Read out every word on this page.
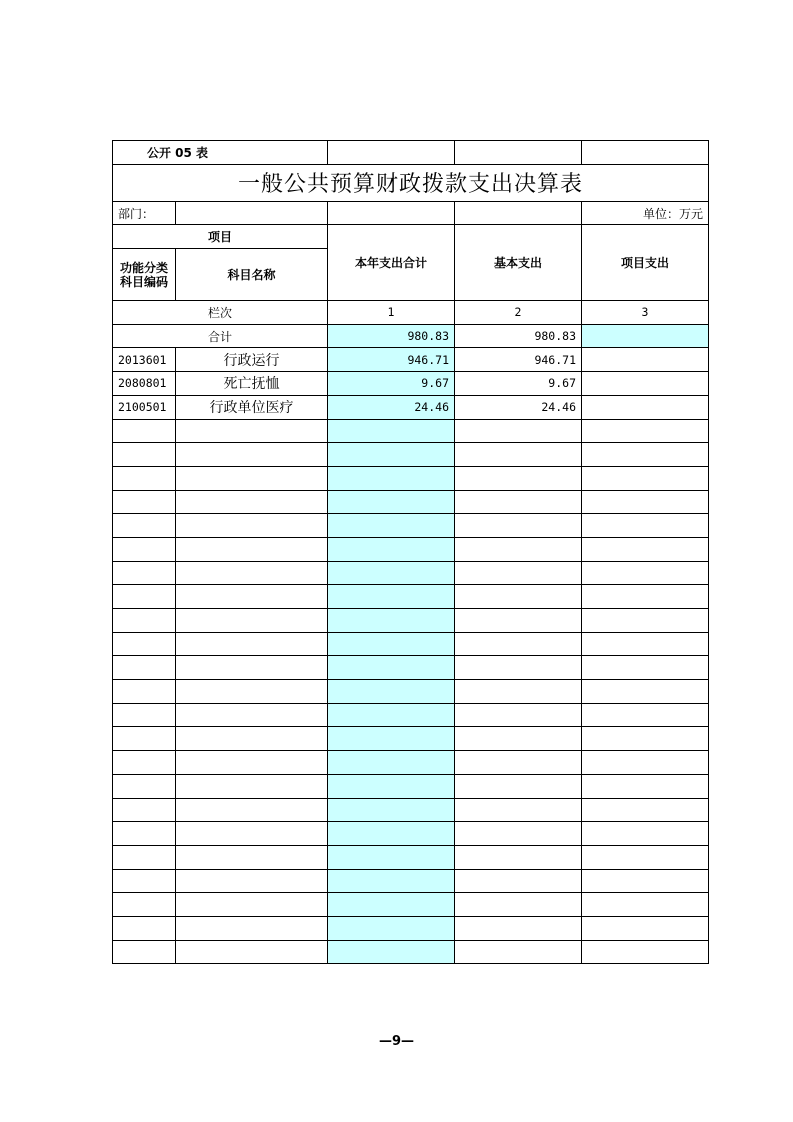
公开 05 表				
一般公共预算财政拨款支出决算表				
部门：				单位：万元
项目		本年支出合计	基本支出	项目支出
功能分类科目编码	科目名称			
栏次		1	2	3
合计		980.83	980.83	
2013601	行政运行	946.71	946.71	
2080801	死亡抚恤	9.67	9.67	
2100501	行政单位医疗	24.46	24.46	

—9—
